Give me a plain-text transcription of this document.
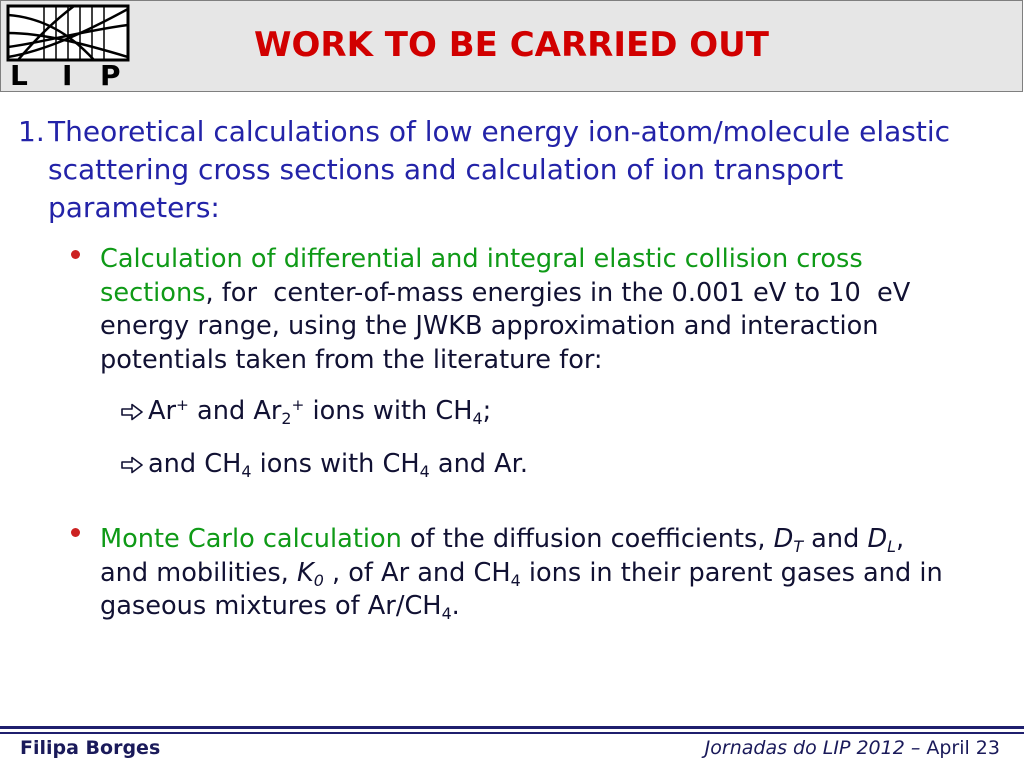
L I P
WORK TO BE CARRIED OUT
1. Theoretical calculations of low energy ion-atom/molecule elastic
scattering cross sections and calculation of ion transport
parameters:
Calculation of differential and integral elastic collision cross
sections, for  center-of-mass energies in the 0.001 eV to 10  eV
energy range, using the JWKB approximation and interaction
potentials taken from the literature for:
Ar+ and Ar2+ ions with CH4;
and CH4 ions with CH4 and Ar.
Monte Carlo calculation of the diffusion coefficients, DT and DL,
and mobilities, K0 , of Ar and CH4 ions in their parent gases and in
gaseous mixtures of Ar/CH4.
Filipa Borges	Jornadas do LIP 2012 – April 23
